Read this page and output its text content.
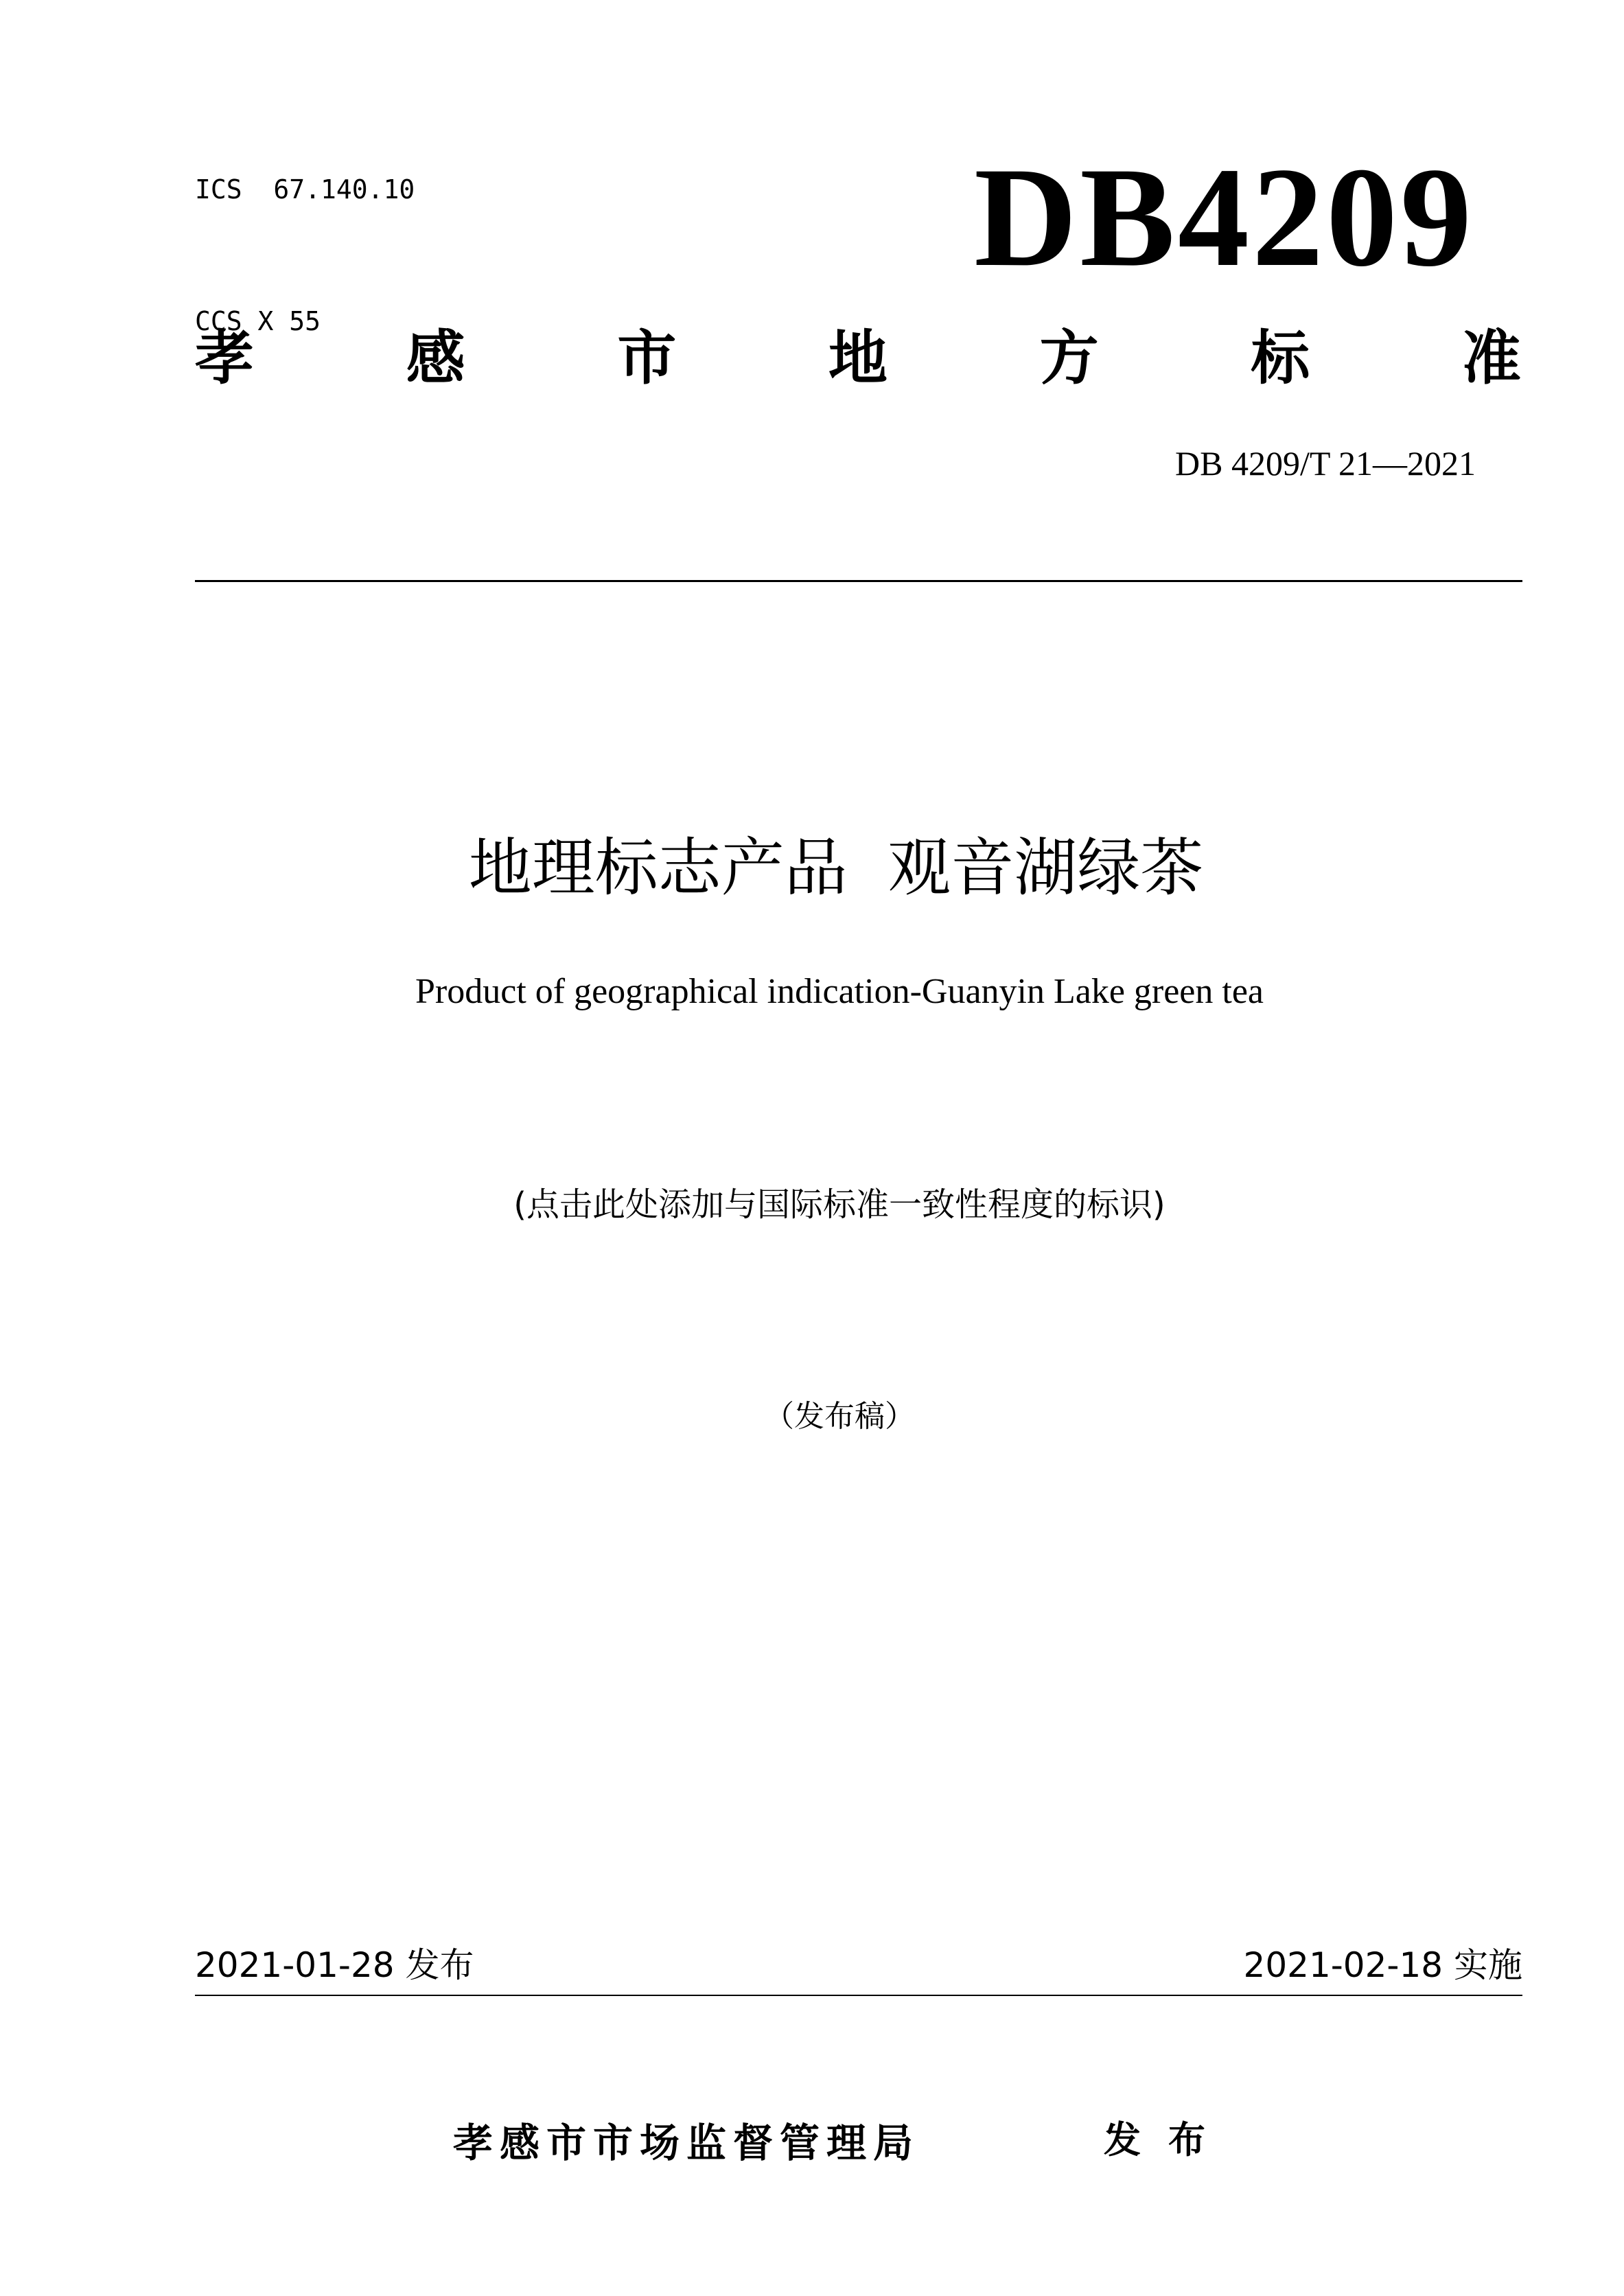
ICS  67.140.10

CCS X 55

DB4209
孝	感	市	地	方	标	准
DB 4209/T 21—2021
地理标志产品  观音湖绿茶
Product of geographical indication-Guanyin Lake green tea
(点击此处添加与国际标准一致性程度的标识)
（发布稿）
2021-01-28 发布	2021-02-18 实施
孝感市市场监督管理局	发布
